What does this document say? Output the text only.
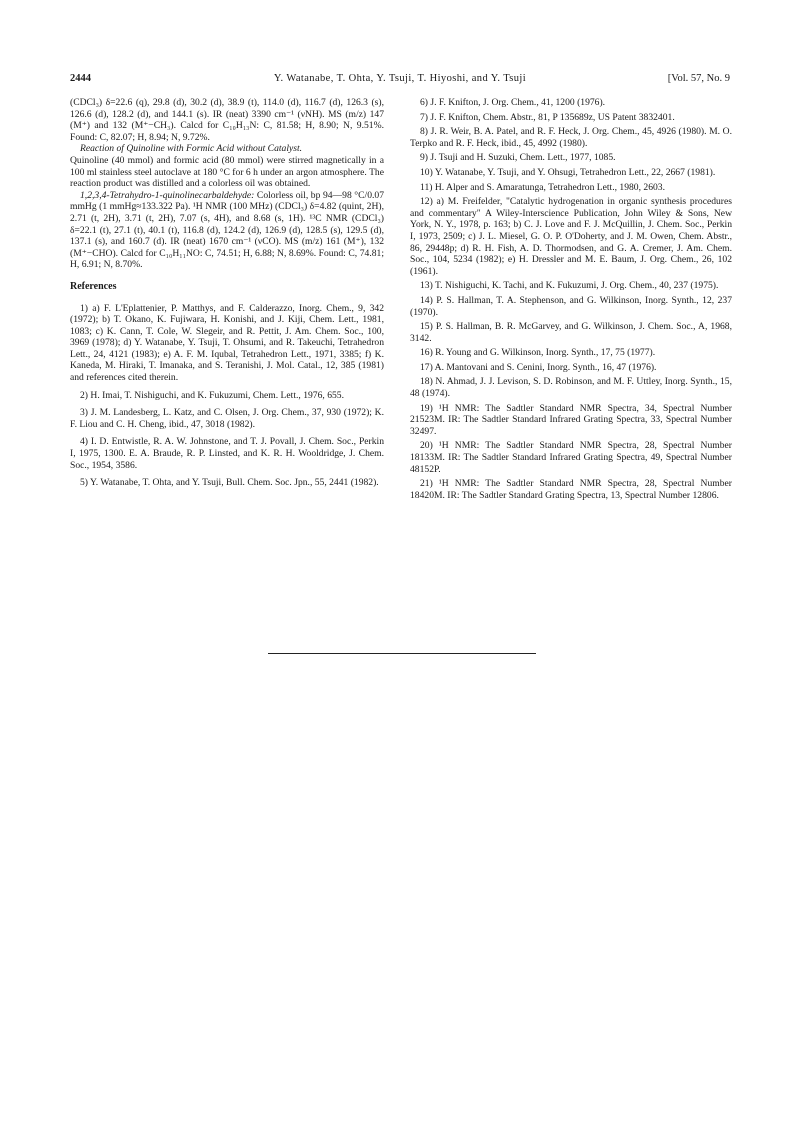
2444	Y. Watanabe, T. Ohta, Y. Tsuji, T. Hiyoshi, and Y. Tsuji	[Vol. 57, No. 9

(CDCl₃) δ=22.6 (q), 29.8 (d), 30.2 (d), 38.9 (t), 114.0 (d), 116.7 (d), 126.3 (s), 126.6 (d), 128.2 (d), and 144.1 (s). IR (neat) 3390 cm⁻¹ (νNH). MS (m/z) 147 (M⁺) and 132 (M⁺−CH₃). Calcd for C₁₀H₁₃N: C, 81.58; H, 8.90; N, 9.51%. Found: C, 82.07; H, 8.94; N, 9.72%.

Reaction of Quinoline with Formic Acid without Catalyst.

Quinoline (40 mmol) and formic acid (80 mmol) were stirred magnetically in a 100 ml stainless steel autoclave at 180 °C for 6 h under an argon atmosphere. The reaction product was distilled and a colorless oil was obtained.

1,2,3,4-Tetrahydro-1-quinolinecarbaldehyde: Colorless oil, bp 94—98 °C/0.07 mmHg (1 mmHg≈133.322 Pa). ¹H NMR (100 MHz) (CDCl₃) δ=4.82 (quint, 2H), 2.71 (t, 2H), 3.71 (t, 2H), 7.07 (s, 4H), and 8.68 (s, 1H). ¹³C NMR (CDCl₃) δ=22.1 (t), 27.1 (t), 40.1 (t), 116.8 (d), 124.2 (d), 126.9 (d), 128.5 (s), 129.5 (d), 137.1 (s), and 160.7 (d). IR (neat) 1670 cm⁻¹ (νCO). MS (m/z) 161 (M⁺), 132 (M⁺−CHO). Calcd for C₁₀H₁₁NO: C, 74.51; H, 6.88; N, 8.69%. Found: C, 74.81; H, 6.91; N, 8.70%.

References

1) a) F. L'Eplattenier, P. Matthys, and F. Calderazzo, Inorg. Chem., 9, 342 (1972); b) T. Okano, K. Fujiwara, H. Konishi, and J. Kiji, Chem. Lett., 1981, 1083; c) K. Cann, T. Cole, W. Slegeir, and R. Pettit, J. Am. Chem. Soc., 100, 3969 (1978); d) Y. Watanabe, Y. Tsuji, T. Ohsumi, and R. Takeuchi, Tetrahedron Lett., 24, 4121 (1983); e) A. F. M. Iqubal, Tetrahedron Lett., 1971, 3385; f) K. Kaneda, M. Hiraki, T. Imanaka, and S. Teranishi, J. Mol. Catal., 12, 385 (1981) and references cited therein.

2) H. Imai, T. Nishiguchi, and K. Fukuzumi, Chem. Lett., 1976, 655.

3) J. M. Landesberg, L. Katz, and C. Olsen, J. Org. Chem., 37, 930 (1972); K. F. Liou and C. H. Cheng, ibid., 47, 3018 (1982).

4) I. D. Entwistle, R. A. W. Johnstone, and T. J. Povall, J. Chem. Soc., Perkin I, 1975, 1300. E. A. Braude, R. P. Linsted, and K. R. H. Wooldridge, J. Chem. Soc., 1954, 3586.

5) Y. Watanabe, T. Ohta, and Y. Tsuji, Bull. Chem. Soc. Jpn., 55, 2441 (1982).

6) J. F. Knifton, J. Org. Chem., 41, 1200 (1976).

7) J. F. Knifton, Chem. Abstr., 81, P 135689z, US Patent 3832401.

8) J. R. Weir, B. A. Patel, and R. F. Heck, J. Org. Chem., 45, 4926 (1980). M. O. Terpko and R. F. Heck, ibid., 45, 4992 (1980).

9) J. Tsuji and H. Suzuki, Chem. Lett., 1977, 1085.

10) Y. Watanabe, Y. Tsuji, and Y. Ohsugi, Tetrahedron Lett., 22, 2667 (1981).

11) H. Alper and S. Amaratunga, Tetrahedron Lett., 1980, 2603.

12) a) M. Freifelder, "Catalytic hydrogenation in organic synthesis procedures and commentary" A Wiley-Interscience Publication, John Wiley & Sons, New York, N. Y., 1978, p. 163; b) C. J. Love and F. J. McQuillin, J. Chem. Soc., Perkin I, 1973, 2509; c) J. L. Miesel, G. O. P. O'Doherty, and J. M. Owen, Chem. Abstr., 86, 29448p; d) R. H. Fish, A. D. Thormodsen, and G. A. Cremer, J. Am. Chem. Soc., 104, 5234 (1982); e) H. Dressler and M. E. Baum, J. Org. Chem., 26, 102 (1961).

13) T. Nishiguchi, K. Tachi, and K. Fukuzumi, J. Org. Chem., 40, 237 (1975).

14) P. S. Hallman, T. A. Stephenson, and G. Wilkinson, Inorg. Synth., 12, 237 (1970).

15) P. S. Hallman, B. R. McGarvey, and G. Wilkinson, J. Chem. Soc., A, 1968, 3142.

16) R. Young and G. Wilkinson, Inorg. Synth., 17, 75 (1977).

17) A. Mantovani and S. Cenini, Inorg. Synth., 16, 47 (1976).

18) N. Ahmad, J. J. Levison, S. D. Robinson, and M. F. Uttley, Inorg. Synth., 15, 48 (1974).

19) ¹H NMR: The Sadtler Standard NMR Spectra, 34, Spectral Number 21523M. IR: The Sadtler Standard Infrared Grating Spectra, 33, Spectral Number 32497.

20) ¹H NMR: The Sadtler Standard NMR Spectra, 28, Spectral Number 18133M. IR: The Sadtler Standard Infrared Grating Spectra, 49, Spectral Number 48152P.

21) ¹H NMR: The Sadtler Standard NMR Spectra, 28, Spectral Number 18420M. IR: The Sadtler Standard Grating Spectra, 13, Spectral Number 12806.
